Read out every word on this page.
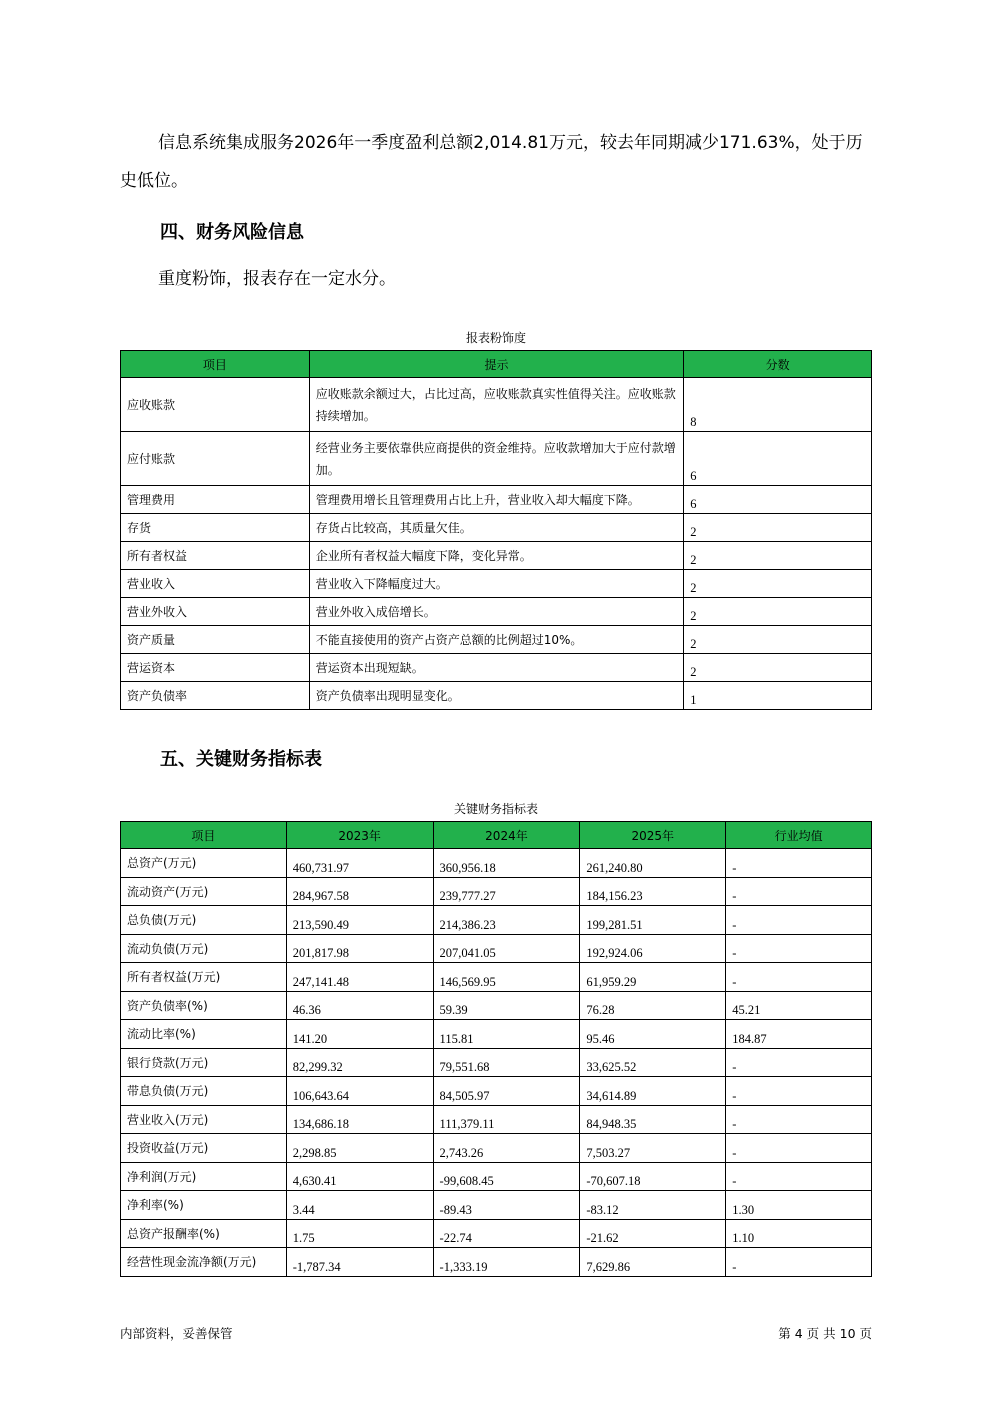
信息系统集成服务2026年一季度盈利总额2,014.81万元，较去年同期减少171.63%，处于历史低位。
四、财务风险信息
重度粉饰，报表存在一定水分。
报表粉饰度
项目	提示	分数
应收账款	应收账款余额过大，占比过高，应收账款真实性值得关注。应收账款持续增加。	8
应付账款	经营业务主要依靠供应商提供的资金维持。应收款增加大于应付款增加。	6
管理费用	管理费用增长且管理费用占比上升，营业收入却大幅度下降。	6
存货	存货占比较高，其质量欠佳。	2
所有者权益	企业所有者权益大幅度下降，变化异常。	2
营业收入	营业收入下降幅度过大。	2
营业外收入	营业外收入成倍增长。	2
资产质量	不能直接使用的资产占资产总额的比例超过10%。	2
营运资本	营运资本出现短缺。	2
资产负债率	资产负债率出现明显变化。	1
五、关键财务指标表
关键财务指标表
项目	2023年	2024年	2025年	行业均值
总资产(万元)	460,731.97	360,956.18	261,240.80	-
流动资产(万元)	284,967.58	239,777.27	184,156.23	-
总负债(万元)	213,590.49	214,386.23	199,281.51	-
流动负债(万元)	201,817.98	207,041.05	192,924.06	-
所有者权益(万元)	247,141.48	146,569.95	61,959.29	-
资产负债率(%)	46.36	59.39	76.28	45.21
流动比率(%)	141.20	115.81	95.46	184.87
银行贷款(万元)	82,299.32	79,551.68	33,625.52	-
带息负债(万元)	106,643.64	84,505.97	34,614.89	-
营业收入(万元)	134,686.18	111,379.11	84,948.35	-
投资收益(万元)	2,298.85	2,743.26	7,503.27	-
净利润(万元)	4,630.41	-99,608.45	-70,607.18	-
净利率(%)	3.44	-89.43	-83.12	1.30
总资产报酬率(%)	1.75	-22.74	-21.62	1.10
经营性现金流净额(万元)	-1,787.34	-1,333.19	7,629.86	-
内部资料，妥善保管	第 4 页 共 10 页
